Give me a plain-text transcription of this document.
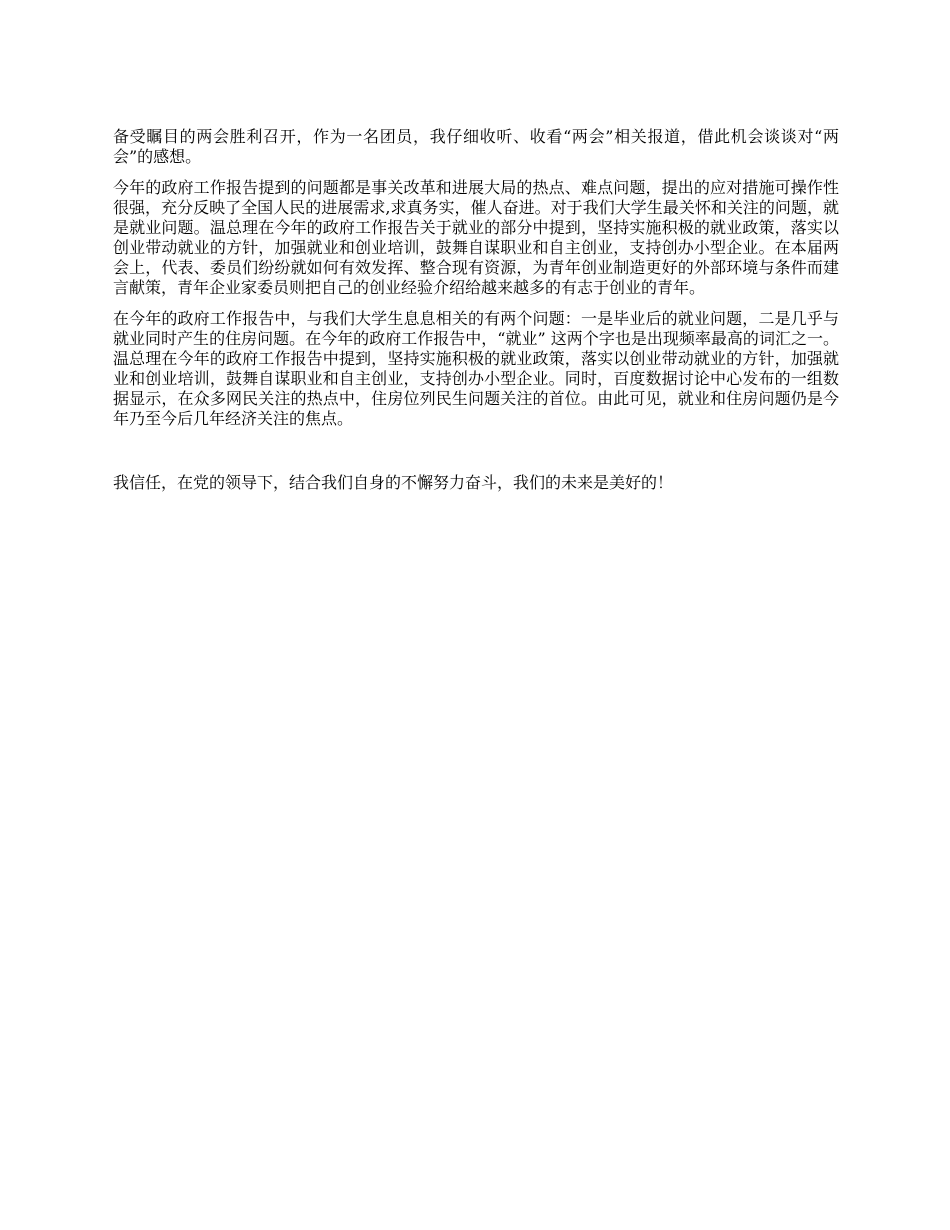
备受瞩目的两会胜利召开，作为一名团员，我仔细收听、收看“两会”相关报道，借此机会谈谈对“两会”的感想。

今年的政府工作报告提到的问题都是事关改革和进展大局的热点、难点问题，提出的应对措施可操作性很强，充分反映了全国人民的进展需求,求真务实，催人奋进。对于我们大学生最关怀和关注的问题，就是就业问题。温总理在今年的政府工作报告关于就业的部分中提到，坚持实施积极的就业政策，落实以创业带动就业的方针，加强就业和创业培训，鼓舞自谋职业和自主创业，支持创办小型企业。在本届两会上，代表、委员们纷纷就如何有效发挥、整合现有资源，为青年创业制造更好的外部环境与条件而建言献策，青年企业家委员则把自己的创业经验介绍给越来越多的有志于创业的青年。

在今年的政府工作报告中，与我们大学生息息相关的有两个问题：一是毕业后的就业问题，二是几乎与就业同时产生的住房问题。在今年的政府工作报告中，“就业” 这两个字也是出现频率最高的词汇之一。温总理在今年的政府工作报告中提到，坚持实施积极的就业政策，落实以创业带动就业的方针，加强就业和创业培训，鼓舞自谋职业和自主创业，支持创办小型企业。同时，百度数据讨论中心发布的一组数据显示，在众多网民关注的热点中，住房位列民生问题关注的首位。由此可见，就业和住房问题仍是今年乃至今后几年经济关注的焦点。

我信任，在党的领导下，结合我们自身的不懈努力奋斗，我们的未来是美好的！
